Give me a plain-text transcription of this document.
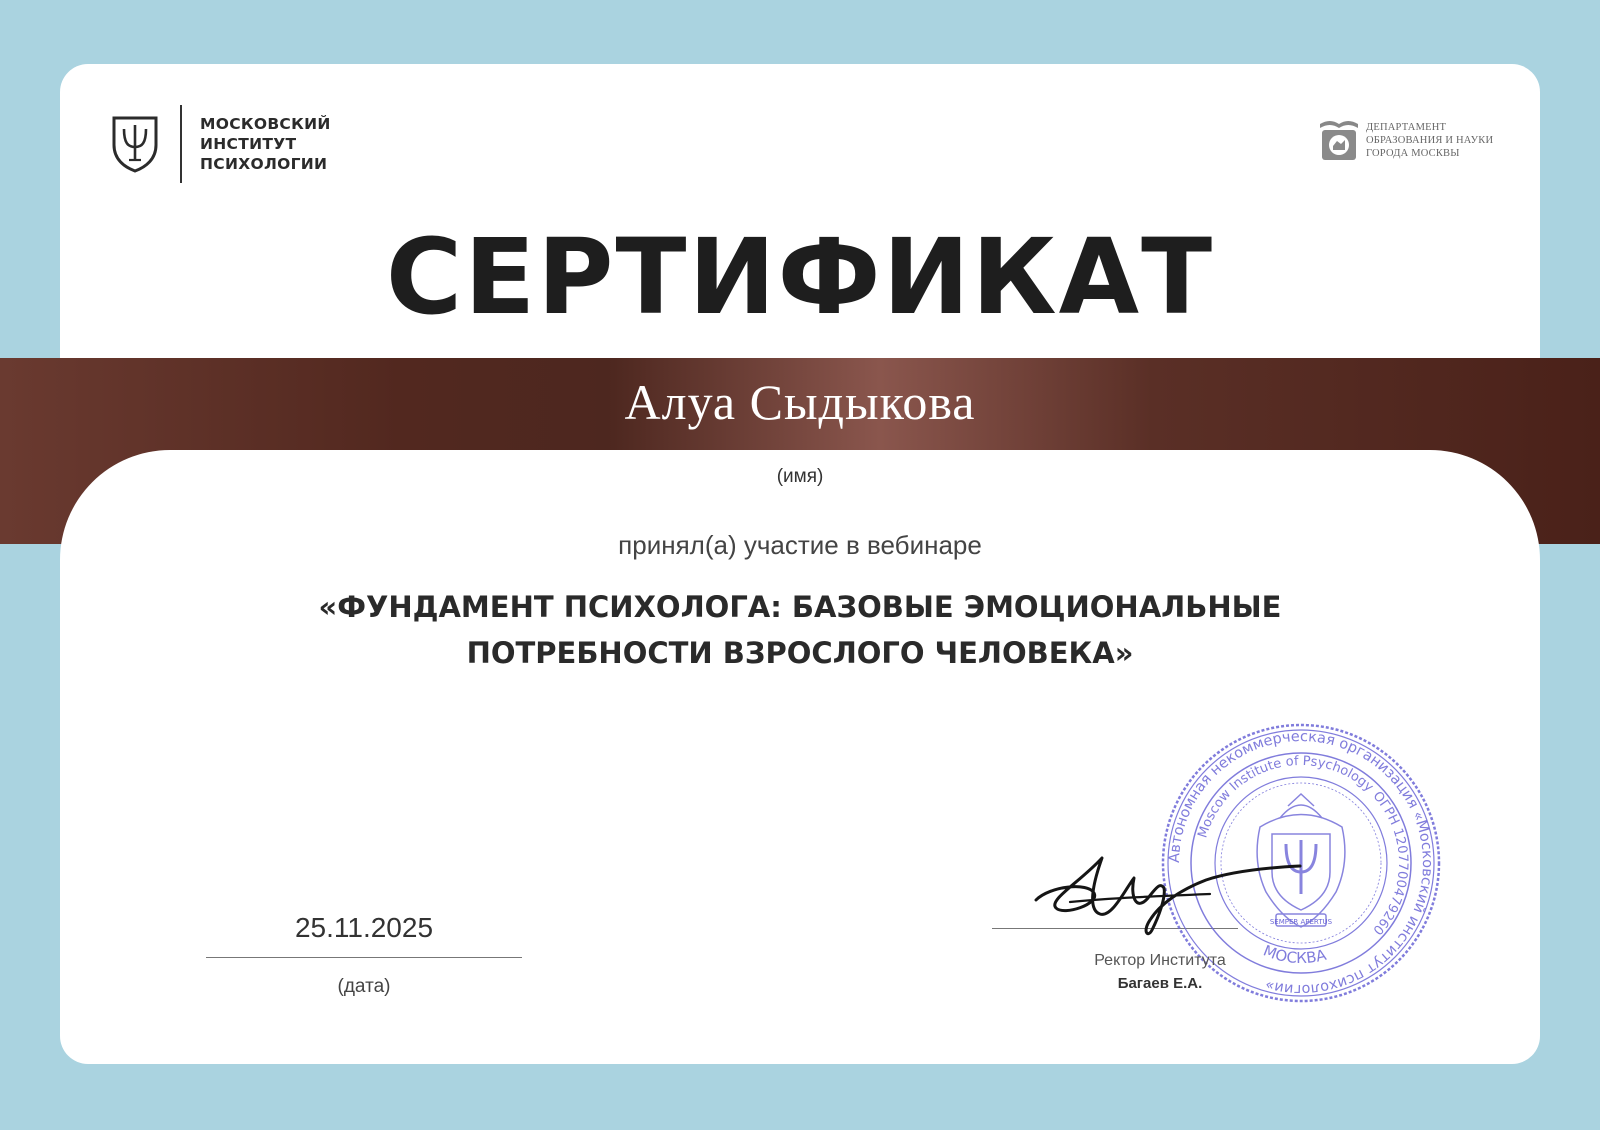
МОСКОВСКИЙ
ИНСТИТУТ
ПСИХОЛОГИИ
ДЕПАРТАМЕНТ
ОБРАЗОВАНИЯ И НАУКИ
ГОРОДА МОСКВЫ
СЕРТИФИКАТ
Алуа Сыдыкова
(имя)
принял(а) участие в вебинаре
«ФУНДАМЕНТ ПСИХОЛОГА: БАЗОВЫЕ ЭМОЦИОНАЛЬНЫЕ
ПОТРЕБНОСТИ ВЗРОСЛОГО ЧЕЛОВЕКА»
25.11.2025
(дата)
Автономная некоммерческая организация «Московский институт психологии»
Moscow Institute of Psychology
ОГРН 1207700479260
МОСКВА
SEMPER APERTUS
Ректор Института
Багаев Е.А.
